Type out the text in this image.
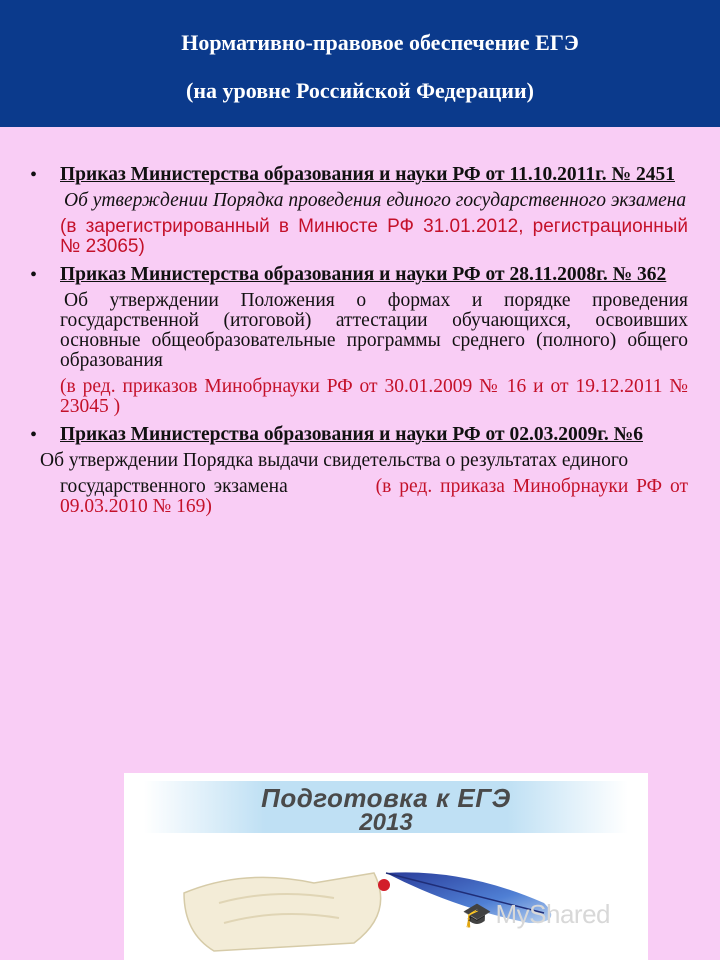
Нормативно-правовое обеспечение ЕГЭ
(на уровне Российской Федерации)
• Приказ Министерства образования и науки РФ от 11.10.2011г. № 2451
Об утверждении Порядка проведения единого государственного экзамена
(в зарегистрированный в Минюсте РФ 31.01.2012, регистрационный № 23065)
• Приказ Министерства образования и науки РФ от 28.11.2008г. № 362
Об утверждении Положения о формах и порядке проведения государственной (итоговой) аттестации обучающихся, освоивших основные общеобразовательные программы среднего (полного) общего образования
(в ред. приказов Минобрнауки РФ от 30.01.2009 № 16 и от 19.12.2011 № 23045 )
• Приказ Министерства образования и науки РФ от 02.03.2009г. №6
Об утверждении Порядка выдачи свидетельства о результатах единого
государственного экзамена	(в ред. приказа Минобрнауки РФ от 09.03.2010 № 169)
Подготовка к ЕГЭ
2013
🎓 MyShared
